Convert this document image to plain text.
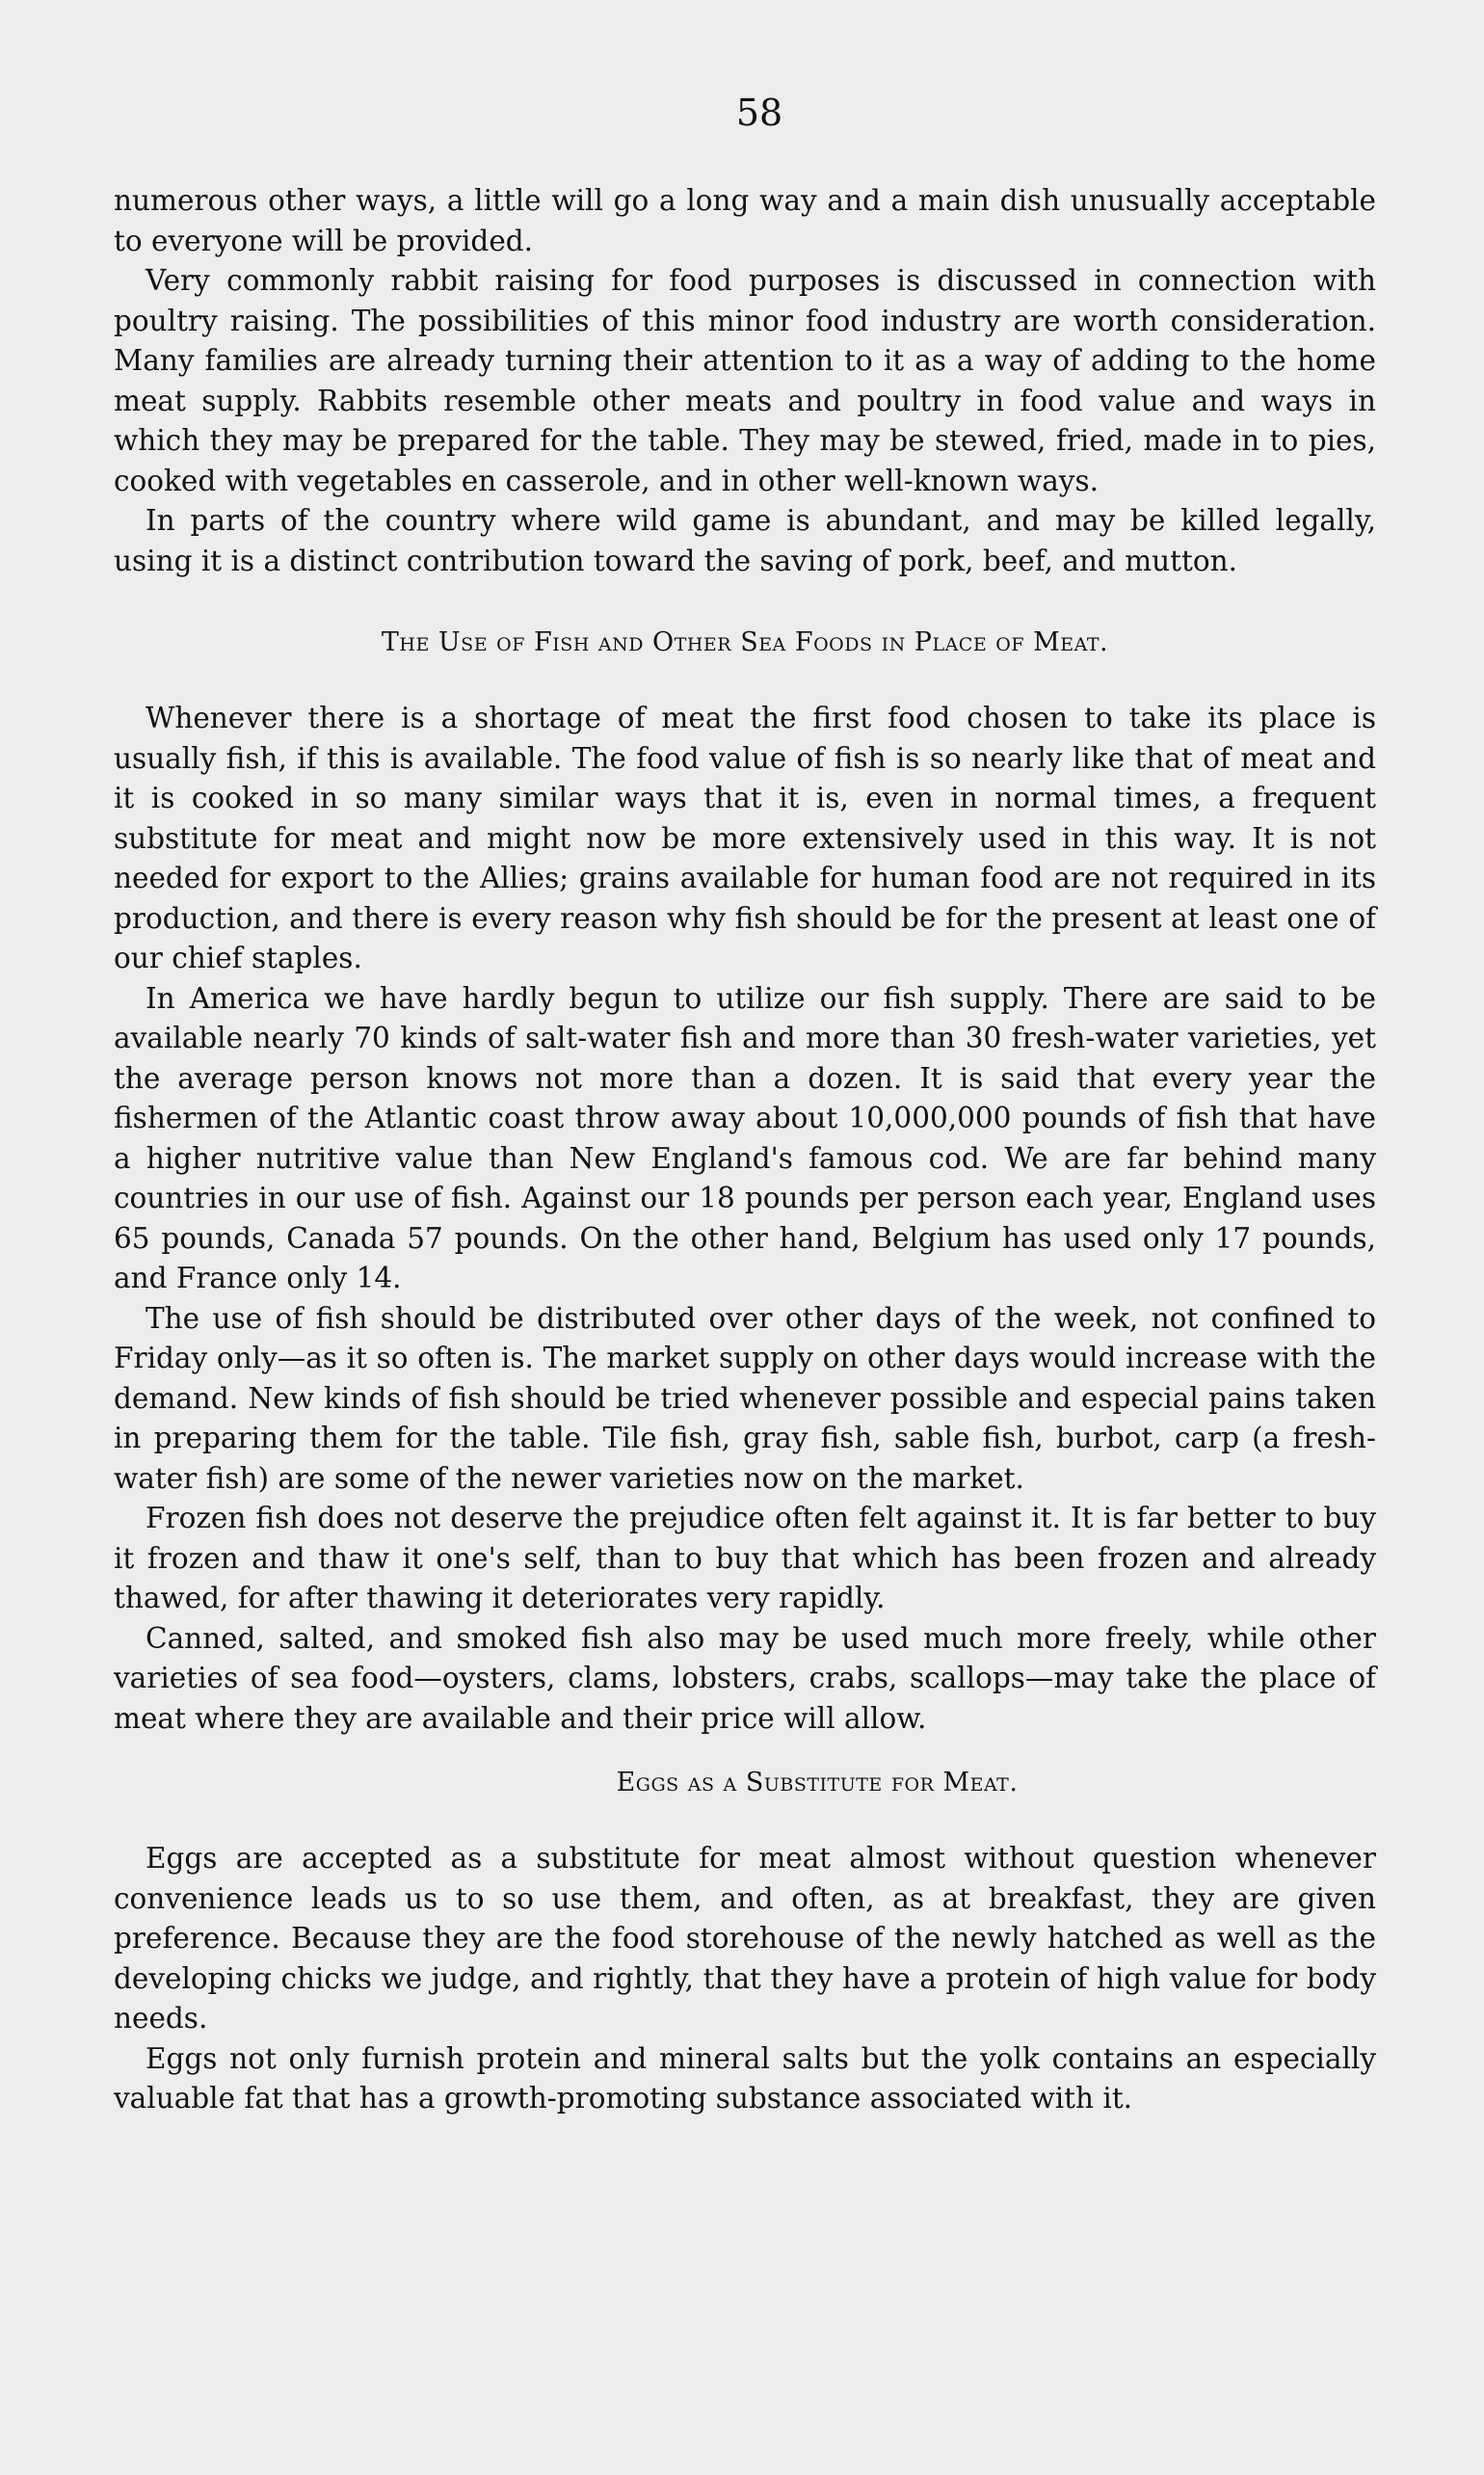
58

numerous other ways, a little will go a long way and a main dish unusually acceptable to everyone will be provided.

Very commonly rabbit raising for food purposes is discussed in connection with poultry raising. The possibilities of this minor food industry are worth consideration. Many families are already turning their attention to it as a way of adding to the home meat supply. Rabbits resemble other meats and poultry in food value and ways in which they may be prepared for the table. They may be stewed, fried, made in to pies, cooked with vegetables en casserole, and in other well-known ways.

In parts of the country where wild game is abundant, and may be killed legally, using it is a distinct contribution toward the saving of pork, beef, and mutton.

The Use of Fish and Other Sea Foods in Place of Meat.

Whenever there is a shortage of meat the first food chosen to take its place is usually fish, if this is available. The food value of fish is so nearly like that of meat and it is cooked in so many similar ways that it is, even in normal times, a frequent substitute for meat and might now be more extensively used in this way. It is not needed for export to the Allies; grains available for human food are not required in its production, and there is every reason why fish should be for the present at least one of our chief staples.

In America we have hardly begun to utilize our fish supply. There are said to be available nearly 70 kinds of salt-water fish and more than 30 fresh-water varieties, yet the average person knows not more than a dozen. It is said that every year the fishermen of the Atlantic coast throw away about 10,000,000 pounds of fish that have a higher nutritive value than New England's famous cod. We are far behind many countries in our use of fish. Against our 18 pounds per person each year, England uses 65 pounds, Canada 57 pounds. On the other hand, Belgium has used only 17 pounds, and France only 14.

The use of fish should be distributed over other days of the week, not confined to Friday only—as it so often is. The market supply on other days would increase with the demand. New kinds of fish should be tried whenever possible and especial pains taken in preparing them for the table. Tile fish, gray fish, sable fish, burbot, carp (a fresh-water fish) are some of the newer varieties now on the market.

Frozen fish does not deserve the prejudice often felt against it. It is far better to buy it frozen and thaw it one's self, than to buy that which has been frozen and already thawed, for after thawing it deteriorates very rapidly.

Canned, salted, and smoked fish also may be used much more freely, while other varieties of sea food—oysters, clams, lobsters, crabs, scallops—may take the place of meat where they are available and their price will allow.

Eggs as a Substitute for Meat.

Eggs are accepted as a substitute for meat almost without question whenever convenience leads us to so use them, and often, as at breakfast, they are given preference. Because they are the food storehouse of the newly hatched as well as the developing chicks we judge, and rightly, that they have a protein of high value for body needs.

Eggs not only furnish protein and mineral salts but the yolk contains an especially valuable fat that has a growth-promoting substance associated with it.
